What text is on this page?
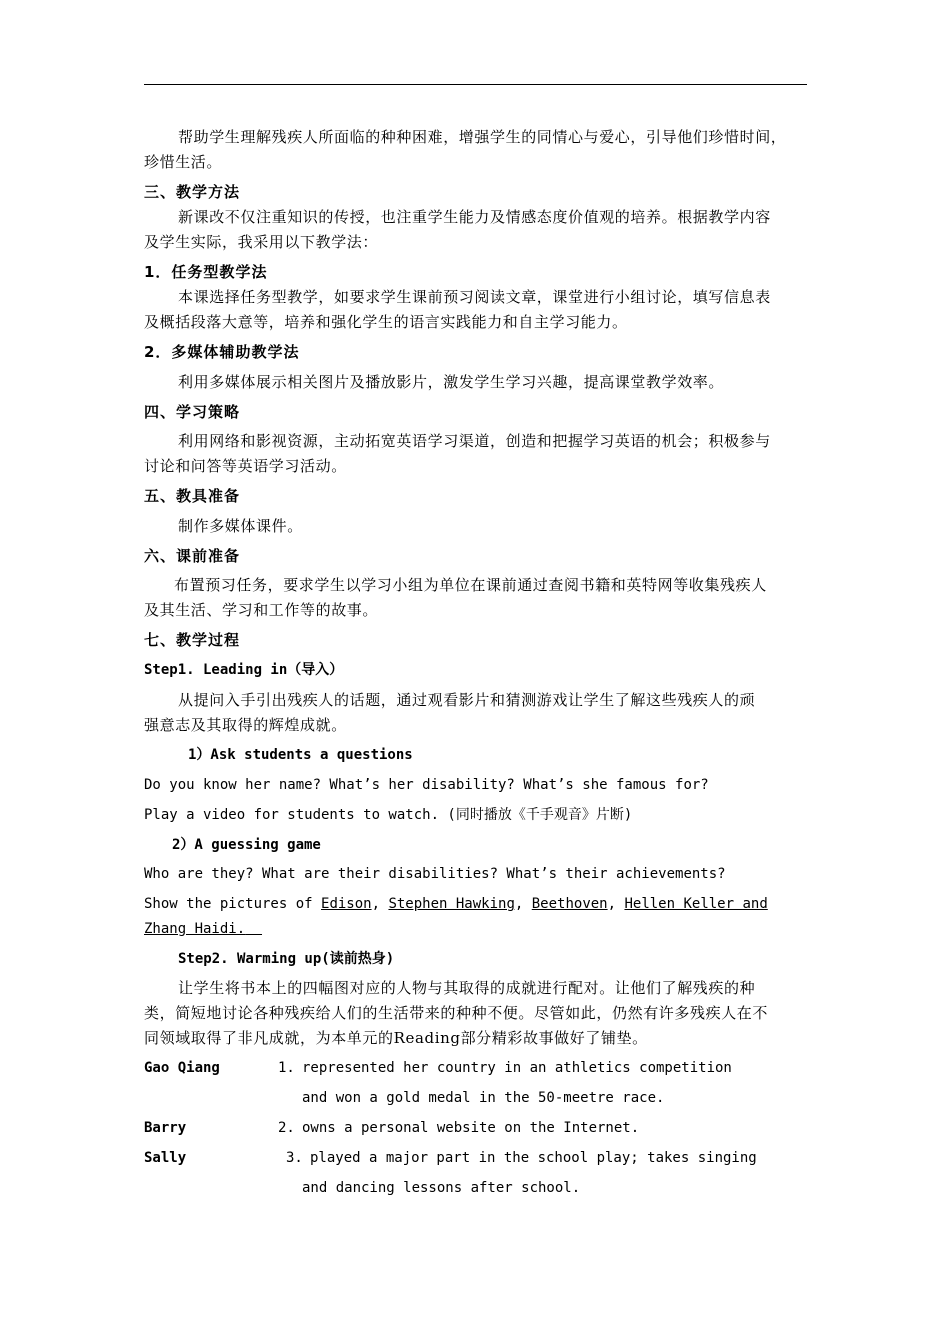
帮助学生理解残疾人所面临的种种困难，增强学生的同情心与爱心，引导他们珍惜时间，
珍惜生活。
三、教学方法
新课改不仅注重知识的传授，也注重学生能力及情感态度价值观的培养。根据教学内容
及学生实际，我采用以下教学法：
1．任务型教学法
本课选择任务型教学，如要求学生课前预习阅读文章，课堂进行小组讨论，填写信息表
及概括段落大意等，培养和强化学生的语言实践能力和自主学习能力。
2．多媒体辅助教学法
利用多媒体展示相关图片及播放影片，激发学生学习兴趣，提高课堂教学效率。
四、学习策略
利用网络和影视资源，主动拓宽英语学习渠道，创造和把握学习英语的机会；积极参与
讨论和问答等英语学习活动。
五、教具准备
制作多媒体课件。
六、课前准备
布置预习任务，要求学生以学习小组为单位在课前通过查阅书籍和英特网等收集残疾人
及其生活、学习和工作等的故事。
七、教学过程
Step1. Leading in（导入）
从提问入手引出残疾人的话题，通过观看影片和猜测游戏让学生了解这些残疾人的顽
强意志及其取得的辉煌成就。
1）Ask students a questions
Do you know her name? What’s her disability? What’s she famous for?
Play a video for students to watch. (同时播放《千手观音》片断)
2）A guessing game
Who are they? What are their disabilities? What’s their achievements?
Show the pictures of Edison, Stephen Hawking, Beethoven, Hellen Keller and
Zhang Haidi.
Step2. Warming up(读前热身)
让学生将书本上的四幅图对应的人物与其取得的成就进行配对。让他们了解残疾的种
类，简短地讨论各种残疾给人们的生活带来的种种不便。尽管如此，仍然有许多残疾人在不
同领域取得了非凡成就，为本单元的Reading部分精彩故事做好了铺垫。
Gao Qiang	1. represented her country in an athletics competition
and won a gold medal in the 50-meetre race.
Barry	2. owns a personal website on the Internet.
Sally	3. played a major part in the school play; takes singing
and dancing lessons after school.
